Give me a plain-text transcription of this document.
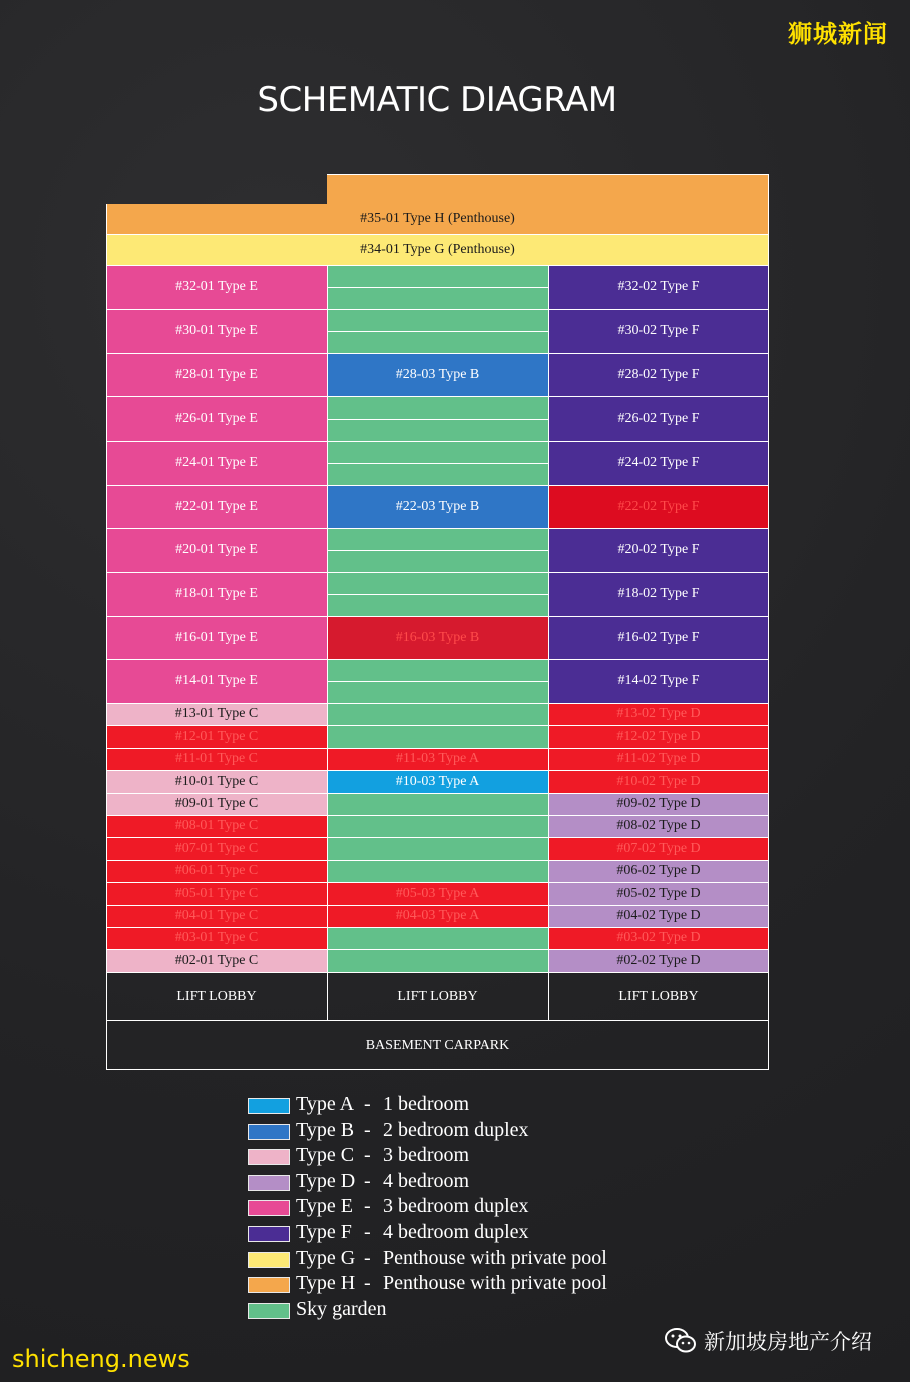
狮城新闻
SCHEMATIC DIAGRAM
#35-01 Type H (Penthouse)
#34-01 Type G (Penthouse)
#32-01 Type E	#32-02 Type F
#30-01 Type E	#30-02 Type F
#28-01 Type E	#28-03 Type B	#28-02 Type F
#26-01 Type E	#26-02 Type F
#24-01 Type E	#24-02 Type F
#22-01 Type E	#22-03 Type B	#22-02 Type F
#20-01 Type E	#20-02 Type F
#18-01 Type E	#18-02 Type F
#16-01 Type E	#16-03 Type B	#16-02 Type F
#14-01 Type E	#14-02 Type F
#13-01 Type C	#13-02 Type D
#12-01 Type C	#12-02 Type D
#11-01 Type C	#11-03 Type A	#11-02 Type D
#10-01 Type C	#10-03 Type A	#10-02 Type D
#09-01 Type C	#09-02 Type D
#08-01 Type C	#08-02 Type D
#07-01 Type C	#07-02 Type D
#06-01 Type C	#06-02 Type D
#05-01 Type C	#05-03 Type A	#05-02 Type D
#04-01 Type C	#04-03 Type A	#04-02 Type D
#03-01 Type C	#03-02 Type D
#02-01 Type C	#02-02 Type D
LIFT LOBBY	LIFT LOBBY	LIFT LOBBY
BASEMENT CARPARK
Type A - 1 bedroom
Type B - 2 bedroom duplex
Type C - 3 bedroom
Type D - 4 bedroom
Type E - 3 bedroom duplex
Type F - 4 bedroom duplex
Type G - Penthouse with private pool
Type H - Penthouse with private pool
Sky garden
新加坡房地产介绍
shicheng.news
